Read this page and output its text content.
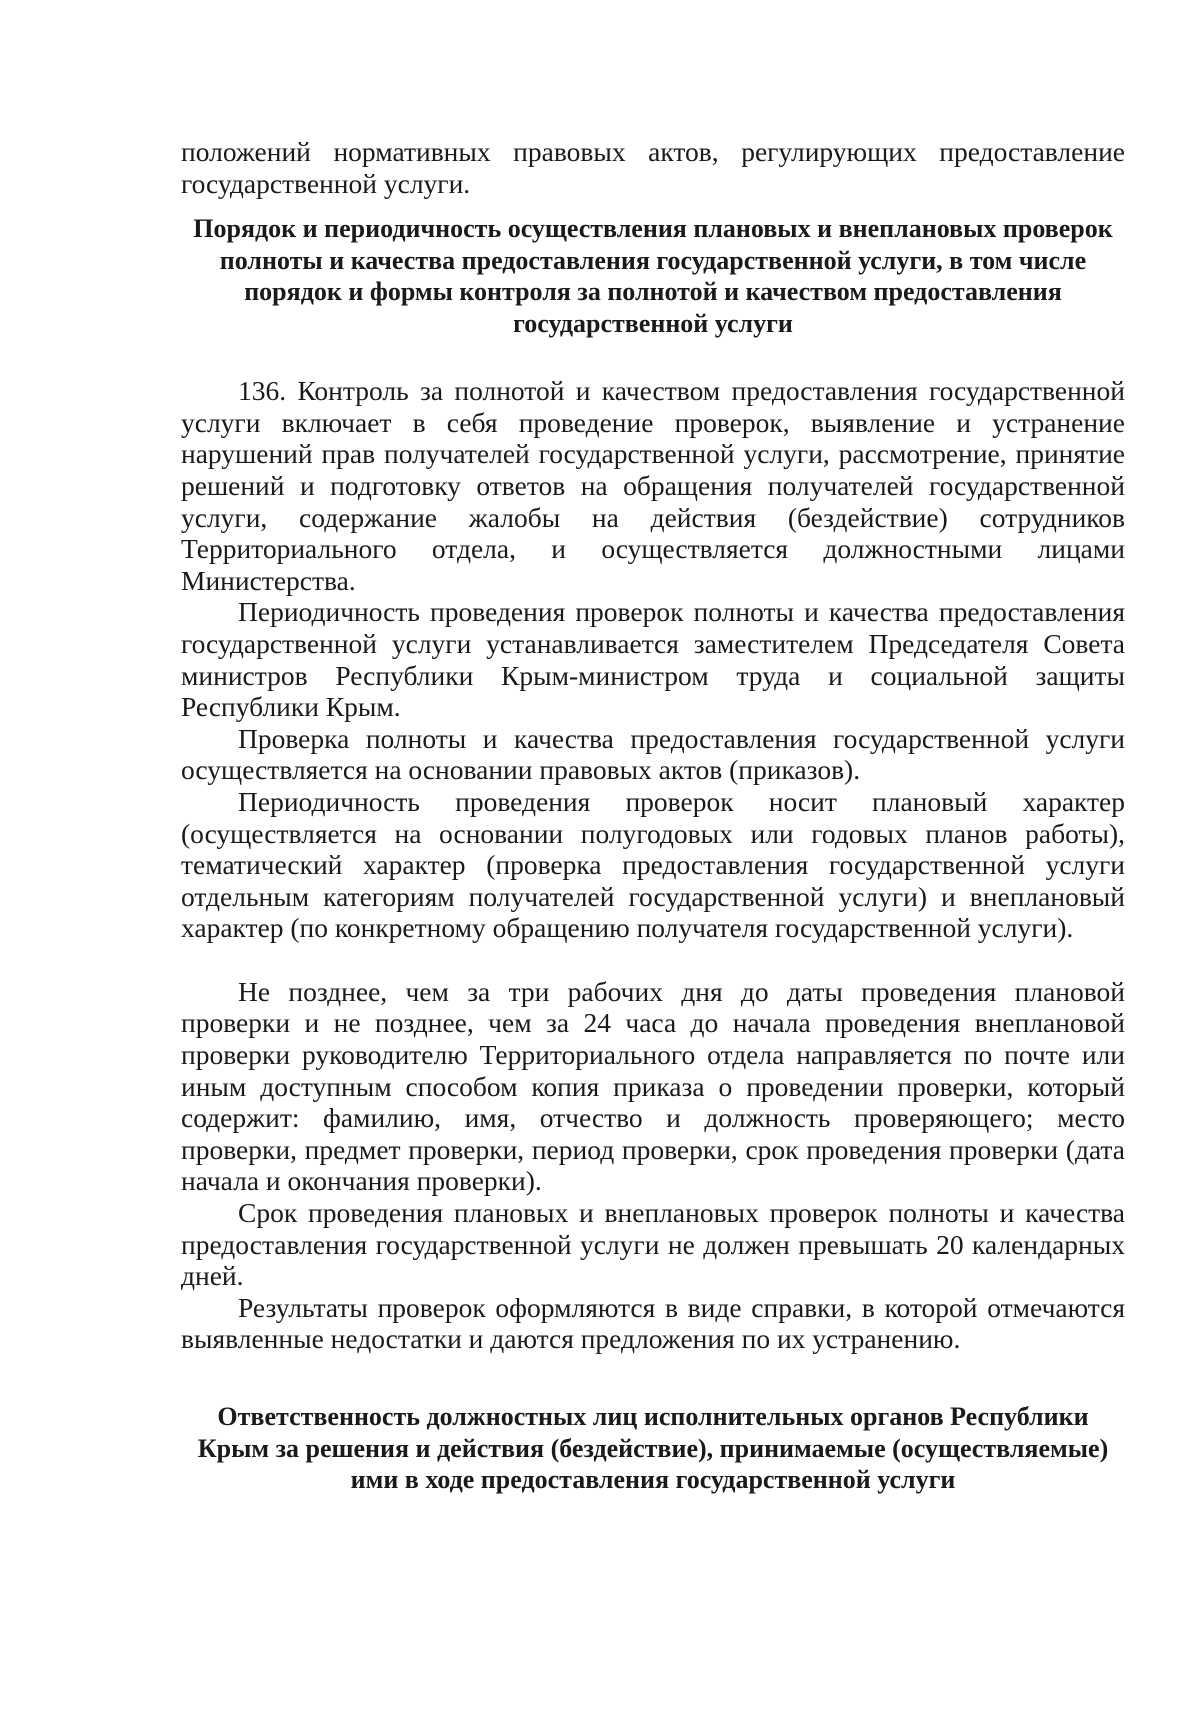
положений нормативных правовых актов, регулирующих предоставление государственной услуги.

Порядок и периодичность осуществления плановых и внеплановых проверок полноты и качества предоставления государственной услуги, в том числе порядок и формы контроля за полнотой и качеством предоставления государственной услуги

136. Контроль за полнотой и качеством предоставления государственной услуги включает в себя проведение проверок, выявление и устранение нарушений прав получателей государственной услуги, рассмотрение, принятие решений и подготовку ответов на обращения получателей государственной услуги, содержание жалобы на действия (бездействие) сотрудников Территориального отдела, и осуществляется должностными лицами Министерства.

Периодичность проведения проверок полноты и качества предоставления государственной услуги устанавливается заместителем Председателя Совета министров Республики Крым-министром труда и социальной защиты Республики Крым.

Проверка полноты и качества предоставления государственной услуги осуществляется на основании правовых актов (приказов).

Периодичность проведения проверок носит плановый характер (осуществляется на основании полугодовых или годовых планов работы), тематический характер (проверка предоставления государственной услуги отдельным категориям получателей государственной услуги) и внеплановый характер (по конкретному обращению получателя государственной услуги).

Не позднее, чем за три рабочих дня до даты проведения плановой проверки и не позднее, чем за 24 часа до начала проведения внеплановой проверки руководителю Территориального отдела направляется по почте или иным доступным способом копия приказа о проведении проверки, который содержит: фамилию, имя, отчество и должность проверяющего; место проверки, предмет проверки, период проверки, срок проведения проверки (дата начала и окончания проверки).

Срок проведения плановых и внеплановых проверок полноты и качества предоставления государственной услуги не должен превышать 20 календарных дней.

Результаты проверок оформляются в виде справки, в которой отмечаются выявленные недостатки и даются предложения по их устранению.

Ответственность должностных лиц исполнительных органов Республики Крым за решения и действия (бездействие), принимаемые (осуществляемые) ими в ходе предоставления государственной услуги
